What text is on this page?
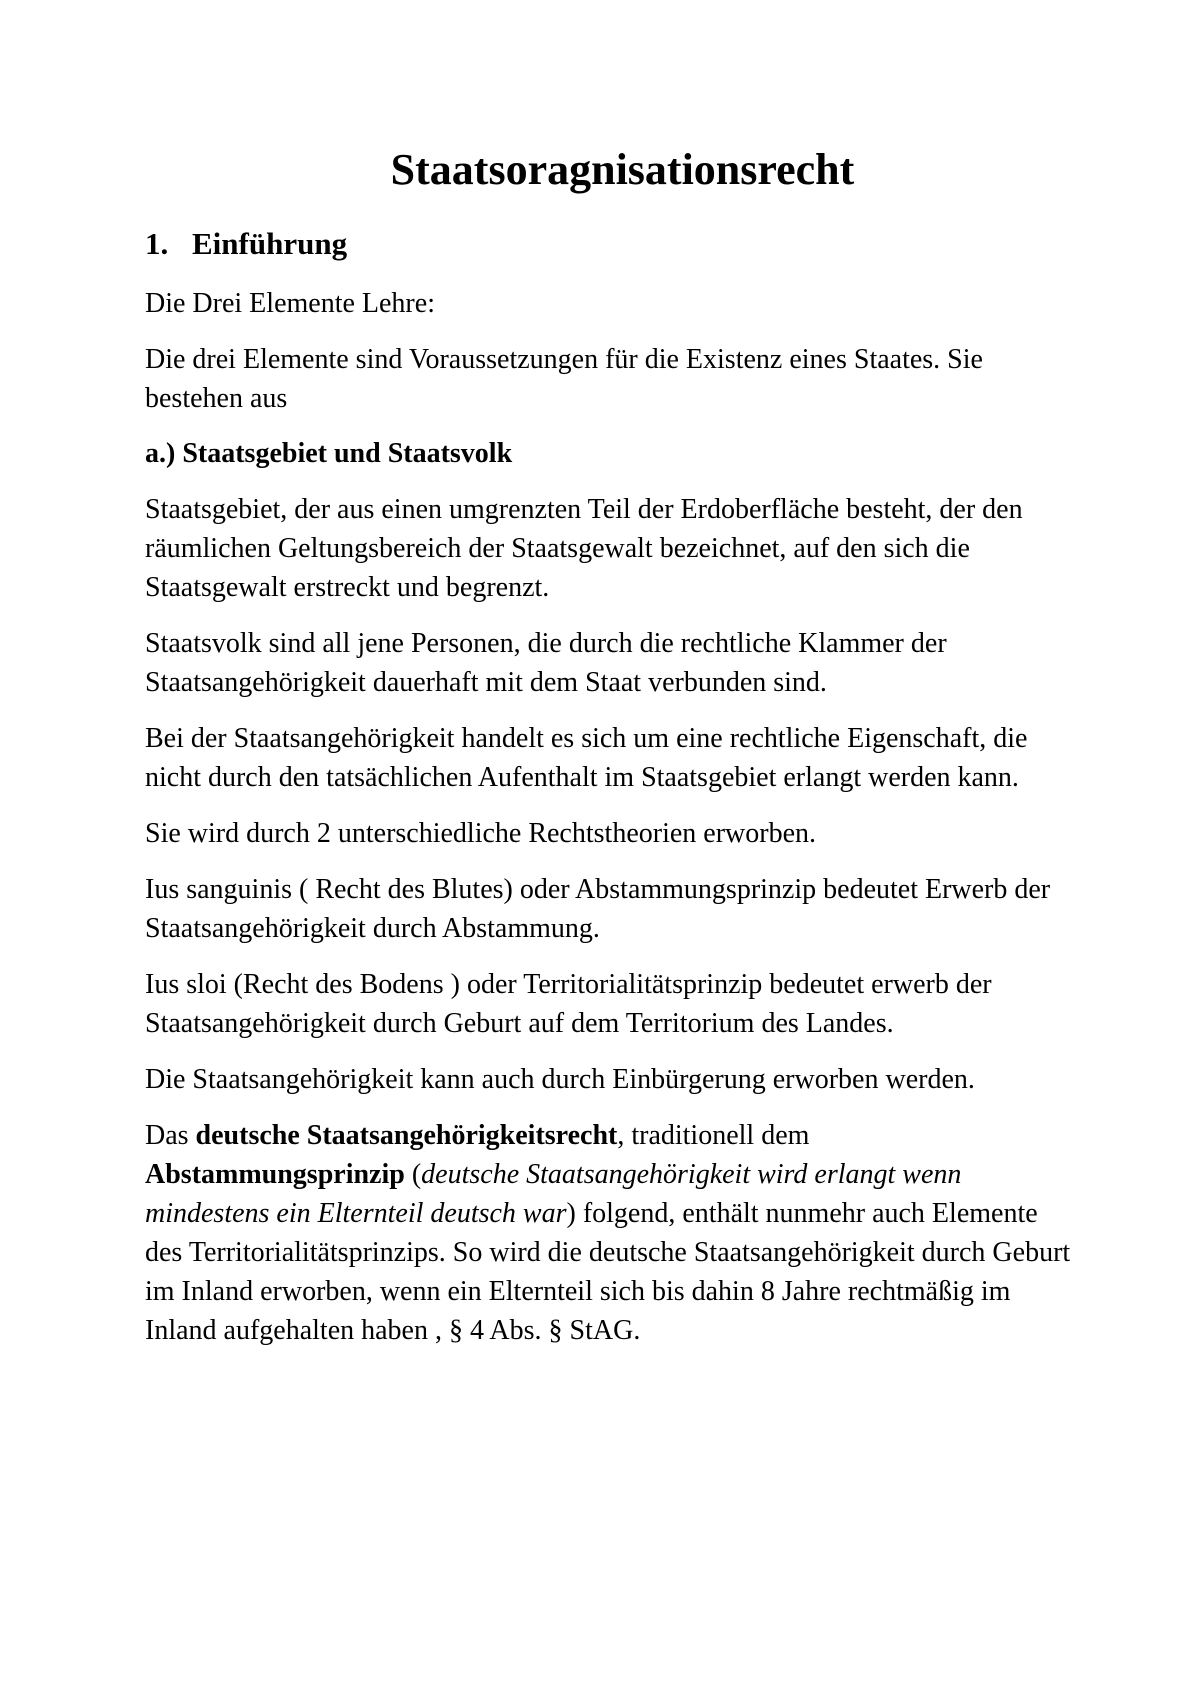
Staatsoragnisationsrecht
1. Einführung

Die Drei Elemente Lehre:

Die drei Elemente sind Voraussetzungen für die Existenz eines Staates. Sie bestehen aus

a.) Staatsgebiet und Staatsvolk

Staatsgebiet, der aus einen umgrenzten Teil der Erdoberfläche besteht, der den räumlichen Geltungsbereich der Staatsgewalt bezeichnet, auf den sich die Staatsgewalt erstreckt und begrenzt.

Staatsvolk sind all jene Personen, die durch die rechtliche Klammer der Staatsangehörigkeit dauerhaft mit dem Staat verbunden sind.

Bei der Staatsangehörigkeit handelt es sich um eine rechtliche Eigenschaft, die nicht durch den tatsächlichen Aufenthalt im Staatsgebiet erlangt werden kann.

Sie wird durch 2 unterschiedliche Rechtstheorien erworben.

Ius sanguinis ( Recht des Blutes) oder Abstammungsprinzip bedeutet Erwerb der Staatsangehörigkeit durch Abstammung.

Ius sloi (Recht des Bodens ) oder Territorialitätsprinzip bedeutet erwerb der Staatsangehörigkeit durch Geburt auf dem Territorium des Landes.

Die Staatsangehörigkeit kann auch durch Einbürgerung erworben werden.

Das deutsche Staatsangehörigkeitsrecht, traditionell dem Abstammungsprinzip (deutsche Staatsangehörigkeit wird erlangt wenn mindestens ein Elternteil deutsch war) folgend, enthält nunmehr auch Elemente des Territorialitätsprinzips. So wird die deutsche Staatsangehörigkeit durch Geburt im Inland erworben, wenn ein Elternteil sich bis dahin 8 Jahre rechtmäßig im Inland aufgehalten haben , § 4 Abs. § StAG.
